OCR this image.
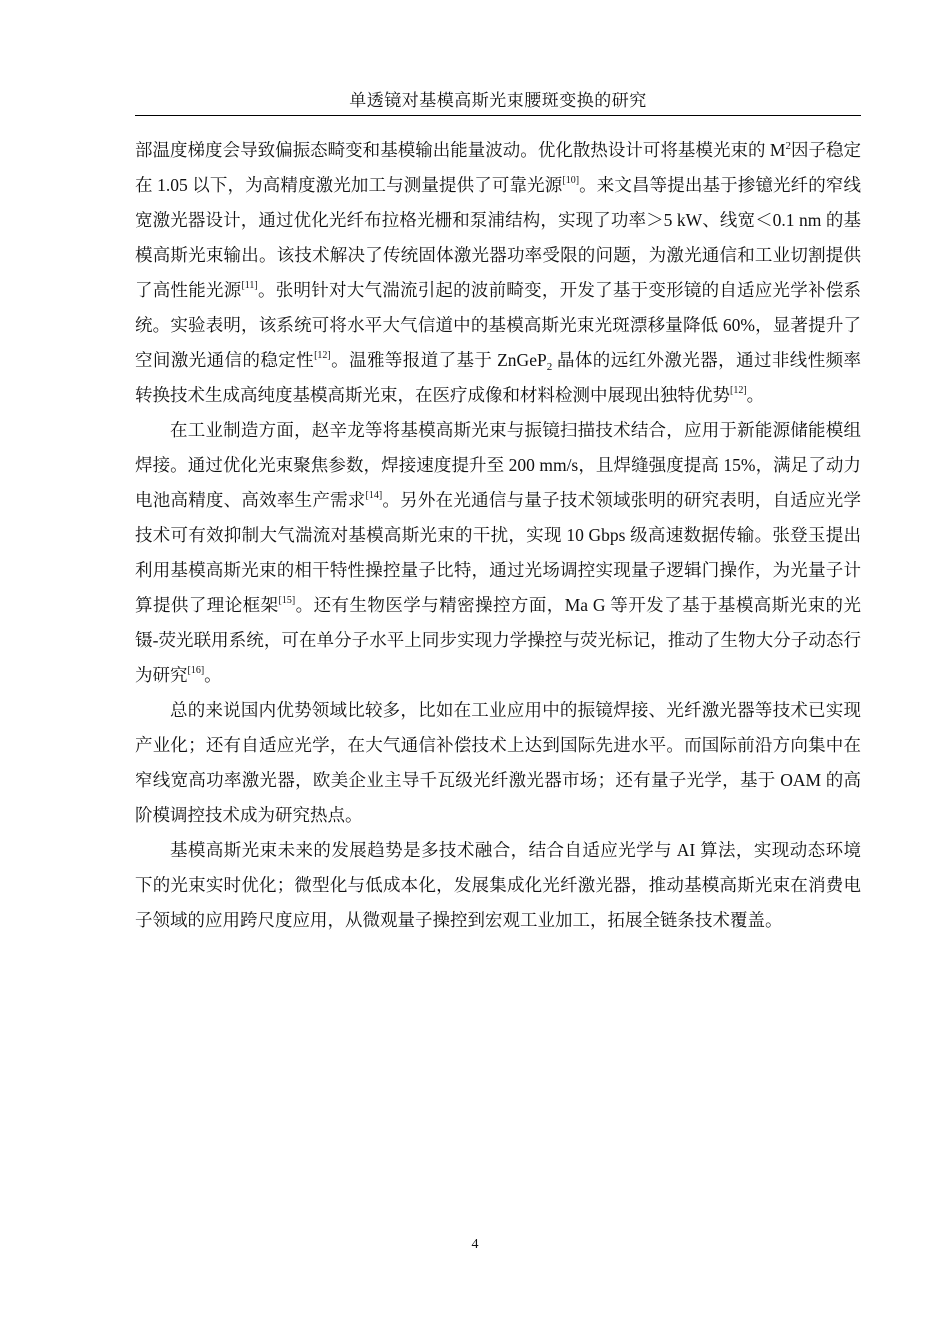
单透镜对基模高斯光束腰斑变换的研究

部温度梯度会导致偏振态畸变和基模输出能量波动。优化散热设计可将基模光束的 $M^2$因子稳定在 1.05 以下，为高精度激光加工与测量提供了可靠光源[10]。来文昌等提出基于掺镱光纤的窄线宽激光器设计，通过优化光纤布拉格光栅和泵浦结构，实现了功率＞5 kW、线宽＜0.1 nm 的基模高斯光束输出。该技术解决了传统固体激光器功率受限的问题，为激光通信和工业切割提供了高性能光源[11]。张明针对大气湍流引起的波前畸变，开发了基于变形镜的自适应光学补偿系统。实验表明，该系统可将水平大气信道中的基模高斯光束光斑漂移量降低 60%，显著提升了空间激光通信的稳定性[12]。温雅等报道了基于 ZnGeP$_2$ 晶体的远红外激光器，通过非线性频率转换技术生成高纯度基模高斯光束，在医疗成像和材料检测中展现出独特优势[12]。

在工业制造方面，赵辛龙等将基模高斯光束与振镜扫描技术结合，应用于新能源储能模组焊接。通过优化光束聚焦参数，焊接速度提升至 200 mm/s，且焊缝强度提高 15%，满足了动力电池高精度、高效率生产需求[14]。另外在光通信与量子技术领域张明的研究表明，自适应光学技术可有效抑制大气湍流对基模高斯光束的干扰，实现 10 Gbps 级高速数据传输。张登玉提出利用基模高斯光束的相干特性操控量子比特，通过光场调控实现量子逻辑门操作，为光量子计算提供了理论框架[15]。还有生物医学与精密操控方面，Ma G 等开发了基于基模高斯光束的光镊-荧光联用系统，可在单分子水平上同步实现力学操控与荧光标记，推动了生物大分子动态行为研究[16]。

总的来说国内优势领域比较多，比如在工业应用中的振镜焊接、光纤激光器等技术已实现产业化；还有自适应光学，在大气通信补偿技术上达到国际先进水平。而国际前沿方向集中在窄线宽高功率激光器，欧美企业主导千瓦级光纤激光器市场；还有量子光学，基于 OAM 的高阶模调控技术成为研究热点。

基模高斯光束未来的发展趋势是多技术融合，结合自适应光学与 AI 算法，实现动态环境下的光束实时优化；微型化与低成本化，发展集成化光纤激光器，推动基模高斯光束在消费电子领域的应用跨尺度应用，从微观量子操控到宏观工业加工，拓展全链条技术覆盖。

4
